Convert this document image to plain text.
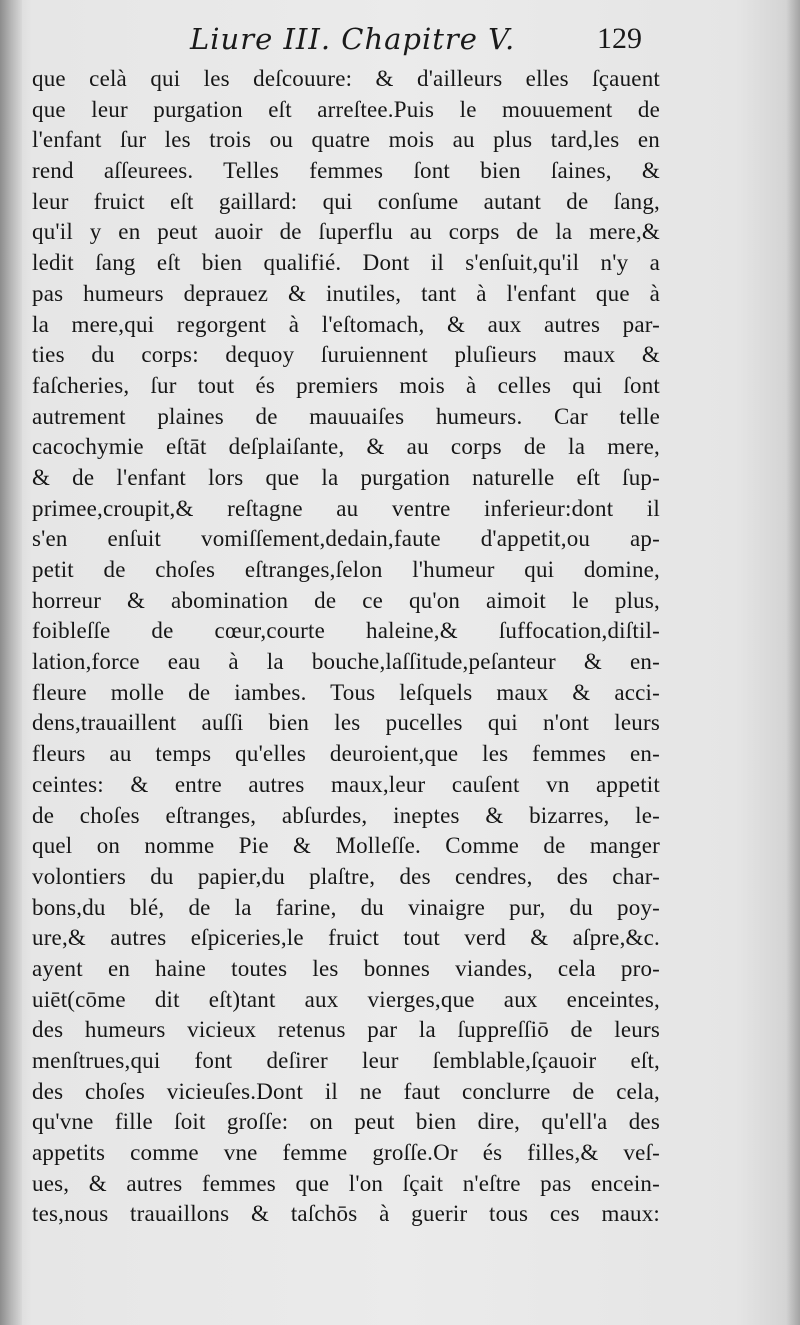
Liure III. Chapitre V.	129
que celà qui les deſcouure: & d'ailleurs elles ſçauent
que leur purgation eſt arreſtee.Puis le mouuement de
l'enfant ſur les trois ou quatre mois au plus tard,les en
rend aſſeurees. Telles femmes ſont bien ſaines, &
leur fruict eſt gaillard: qui conſume autant de ſang,
qu'il y en peut auoir de ſuperflu au corps de la mere,&
ledit ſang eſt bien qualifié. Dont il s'enſuit,qu'il n'y a
pas humeurs deprauez & inutiles, tant à l'enfant que à
la mere,qui regorgent à l'eſtomach, & aux autres par-
ties du corps: dequoy ſuruiennent pluſieurs maux &
faſcheries, ſur tout és premiers mois à celles qui ſont
autrement plaines de mauuaiſes humeurs. Car telle
cacochymie eſtāt deſplaiſante, & au corps de la mere,
& de l'enfant lors que la purgation naturelle eſt ſup-
primee,croupit,& reſtagne au ventre inferieur:dont il
s'en enſuit vomiſſement,dedain,faute d'appetit,ou ap-
petit de choſes eſtranges,ſelon l'humeur qui domine,
horreur & abomination de ce qu'on aimoit le plus,
foibleſſe de cœur,courte haleine,& ſuffocation,diſtil-
lation,force eau à la bouche,laſſitude,peſanteur & en-
fleure molle de iambes. Tous leſquels maux & acci-
dens,trauaillent auſſi bien les pucelles qui n'ont leurs
fleurs au temps qu'elles deuroient,que les femmes en-
ceintes: & entre autres maux,leur cauſent vn appetit
de choſes eſtranges, abſurdes, ineptes & bizarres, le-
quel on nomme Pie & Molleſſe. Comme de manger
volontiers du papier,du plaſtre, des cendres, des char-
bons,du blé, de la farine, du vinaigre pur, du poy-
ure,& autres eſpiceries,le fruict tout verd & aſpre,&c.
ayent en haine toutes les bonnes viandes, cela pro-
uiēt(cōme dit eſt)tant aux vierges,que aux enceintes,
des humeurs vicieux retenus par la ſuppreſſiō de leurs
menſtrues,qui font deſirer leur ſemblable,ſçauoir eſt,
des choſes vicieuſes.Dont il ne faut conclurre de cela,
qu'vne fille ſoit groſſe: on peut bien dire, qu'ell'a des
appetits comme vne femme groſſe.Or és filles,& veſ-
ues, & autres femmes que l'on ſçait n'eſtre pas encein-
tes,nous trauaillons & taſchōs à guerir tous ces maux:
